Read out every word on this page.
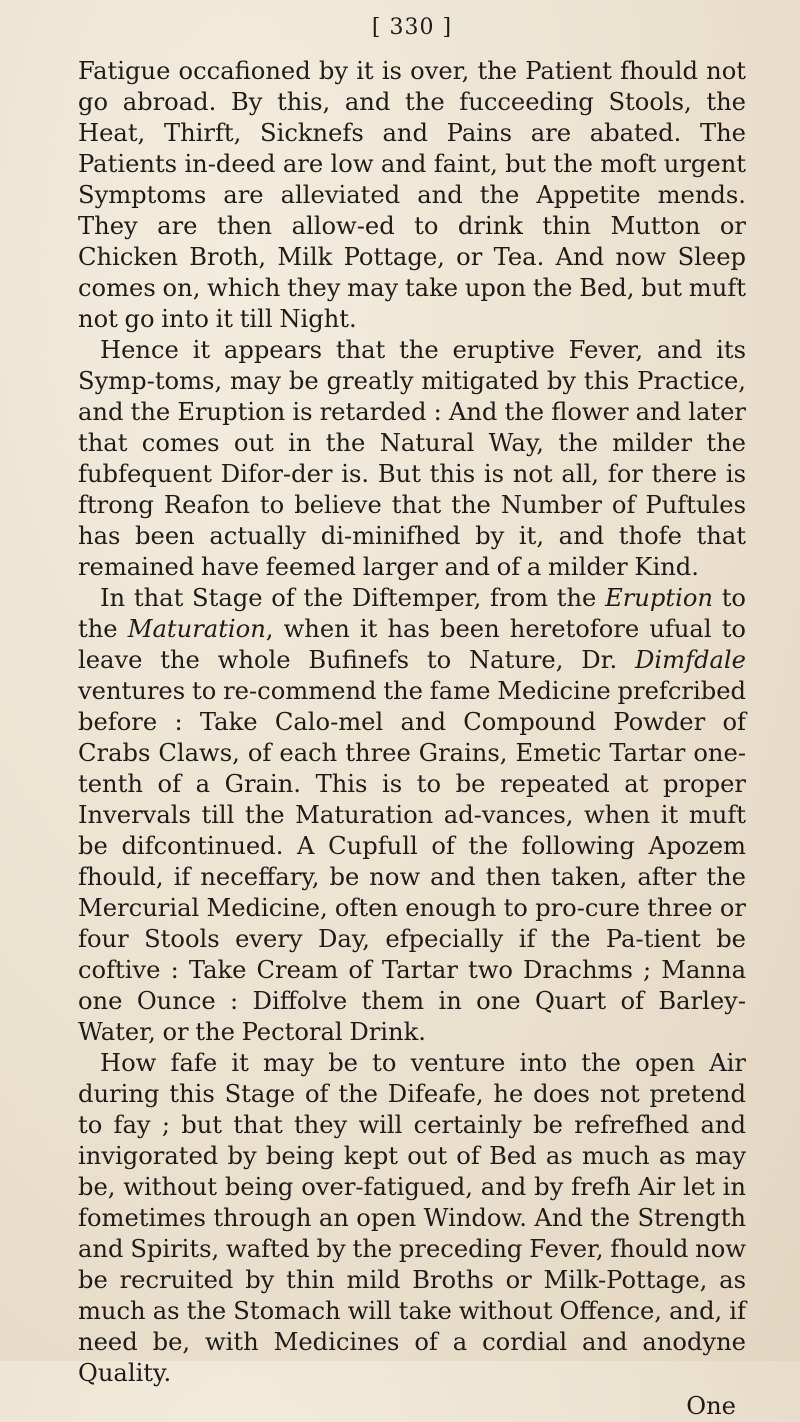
[ 330 ]

Fatigue occafioned by it is over, the Patient fhould not go abroad. By this, and the fucceeding Stools, the Heat, Thirft, Sicknefs and Pains are abated. The Patients in-deed are low and faint, but the moft urgent Symptoms are alleviated and the Appetite mends. They are then allow-ed to drink thin Mutton or Chicken Broth, Milk Pottage, or Tea. And now Sleep comes on, which they may take upon the Bed, but muft not go into it till Night.

Hence it appears that the eruptive Fever, and its Symp-toms, may be greatly mitigated by this Practice, and the Eruption is retarded : And the flower and later that comes out in the Natural Way, the milder the fubfequent Difor-der is. But this is not all, for there is ftrong Reafon to believe that the Number of Puftules has been actually di-minifhed by it, and thofe that remained have feemed larger and of a milder Kind.

In that Stage of the Diftemper, from the Eruption to the Maturation, when it has been heretofore ufual to leave the whole Bufinefs to Nature, Dr. Dimfdale ventures to re-commend the fame Medicine prefcribed before : Take Calo-mel and Compound Powder of Crabs Claws, of each three Grains, Emetic Tartar one-tenth of a Grain. This is to be repeated at proper Invervals till the Maturation ad-vances, when it muft be difcontinued. A Cupfull of the following Apozem fhould, if neceffary, be now and then taken, after the Mercurial Medicine, often enough to pro-cure three or four Stools every Day, efpecially if the Pa-tient be coftive : Take Cream of Tartar two Drachms ; Manna one Ounce : Diffolve them in one Quart of Barley-Water, or the Pectoral Drink.

How fafe it may be to venture into the open Air during this Stage of the Difeafe, he does not pretend to fay ; but that they will certainly be refrefhed and invigorated by being kept out of Bed as much as may be, without being over-fatigued, and by frefh Air let in fometimes through an open Window. And the Strength and Spirits, wafted by the preceding Fever, fhould now be recruited by thin mild Broths or Milk-Pottage, as much as the Stomach will take without Offence, and, if need be, with Medicines of a cordial and anodyne Quality.

One
